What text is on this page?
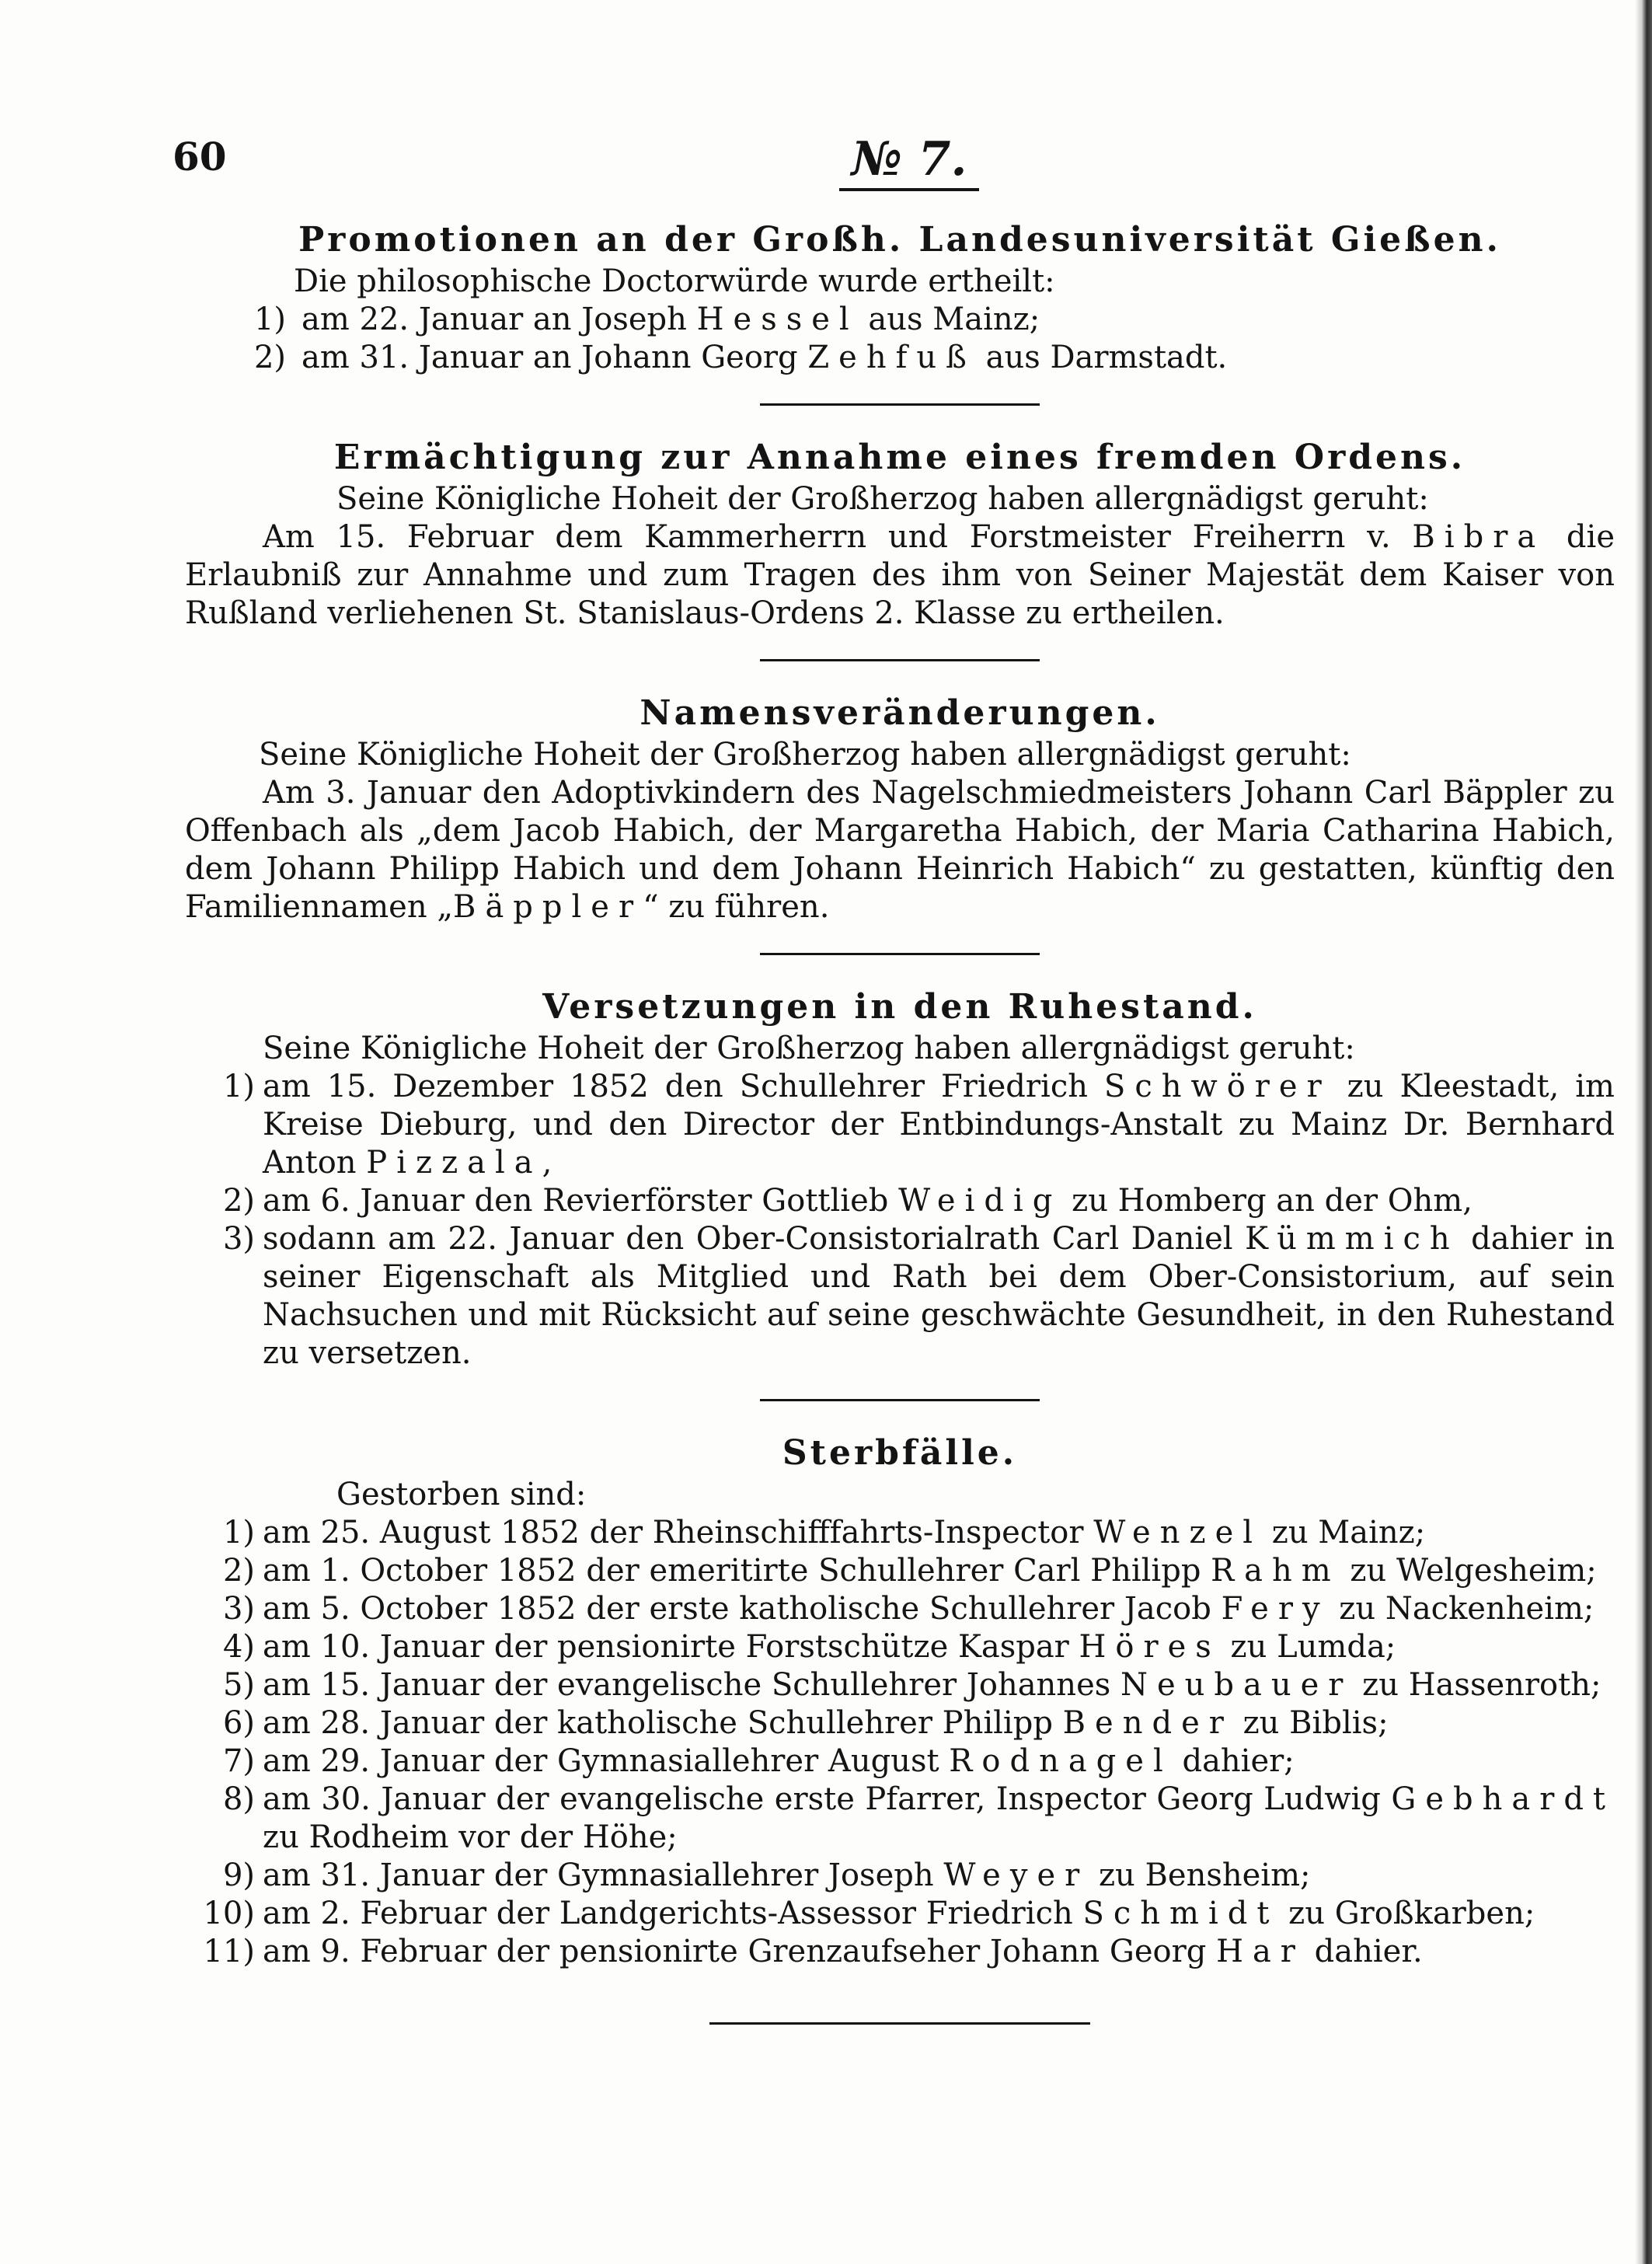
60	№ 7.
Promotionen an der Großh. Landesuniversität Gießen.

Die philosophische Doctorwürde wurde ertheilt:

1) am 22. Januar an Joseph Hessel aus Mainz;
2) am 31. Januar an Johann Georg Zehfuß aus Darmstadt.
Ermächtigung zur Annahme eines fremden Ordens.

Seine Königliche Hoheit der Großherzog haben allergnädigst geruht:

Am 15. Februar dem Kammerherrn und Forstmeister Freiherrn v. Bibra die Erlaubniß zur Annahme und zum Tragen des ihm von Seiner Majestät dem Kaiser von Rußland verliehenen St. Stanislaus-Ordens 2. Klasse zu ertheilen.

Namensveränderungen.

Seine Königliche Hoheit der Großherzog haben allergnädigst geruht:

Am 3. Januar den Adoptivkindern des Nagelschmiedmeisters Johann Carl Bäppler zu Offenbach als „dem Jacob Habich, der Margaretha Habich, der Maria Catharina Habich, dem Johann Philipp Habich und dem Johann Heinrich Habich“ zu gestatten, künftig den Familiennamen „Bäppler“ zu führen.

Versetzungen in den Ruhestand.

Seine Königliche Hoheit der Großherzog haben allergnädigst geruht:

1) am 15. Dezember 1852 den Schullehrer Friedrich Schwörer zu Kleestadt, im Kreise Dieburg, und den Director der Entbindungs-Anstalt zu Mainz Dr. Bernhard Anton Pizzala,
2) am 6. Januar den Revierförster Gottlieb Weidig zu Homberg an der Ohm,
3) sodann am 22. Januar den Ober-Consistorialrath Carl Daniel Kümmich dahier in seiner Eigenschaft als Mitglied und Rath bei dem Ober-Consistorium, auf sein Nachsuchen und mit Rücksicht auf seine geschwächte Gesundheit, in den Ruhestand zu versetzen.
Sterbfälle.

Gestorben sind:

1) am 25. August 1852 der Rheinschifffahrts-Inspector Wenzel zu Mainz;
2) am 1. October 1852 der emeritirte Schullehrer Carl Philipp Rahm zu Welgesheim;
3) am 5. October 1852 der erste katholische Schullehrer Jacob Fery zu Nackenheim;
4) am 10. Januar der pensionirte Forstschütze Kaspar Höres zu Lumda;
5) am 15. Januar der evangelische Schullehrer Johannes Neubauer zu Hassenroth;
6) am 28. Januar der katholische Schullehrer Philipp Bender zu Biblis;
7) am 29. Januar der Gymnasiallehrer August Rodnagel dahier;
8) am 30. Januar der evangelische erste Pfarrer, Inspector Georg Ludwig Gebhardt zu Rodheim vor der Höhe;
9) am 31. Januar der Gymnasiallehrer Joseph Weyer zu Bensheim;
10) am 2. Februar der Landgerichts-Assessor Friedrich Schmidt zu Großkarben;
11) am 9. Februar der pensionirte Grenzaufseher Johann Georg Har dahier.
